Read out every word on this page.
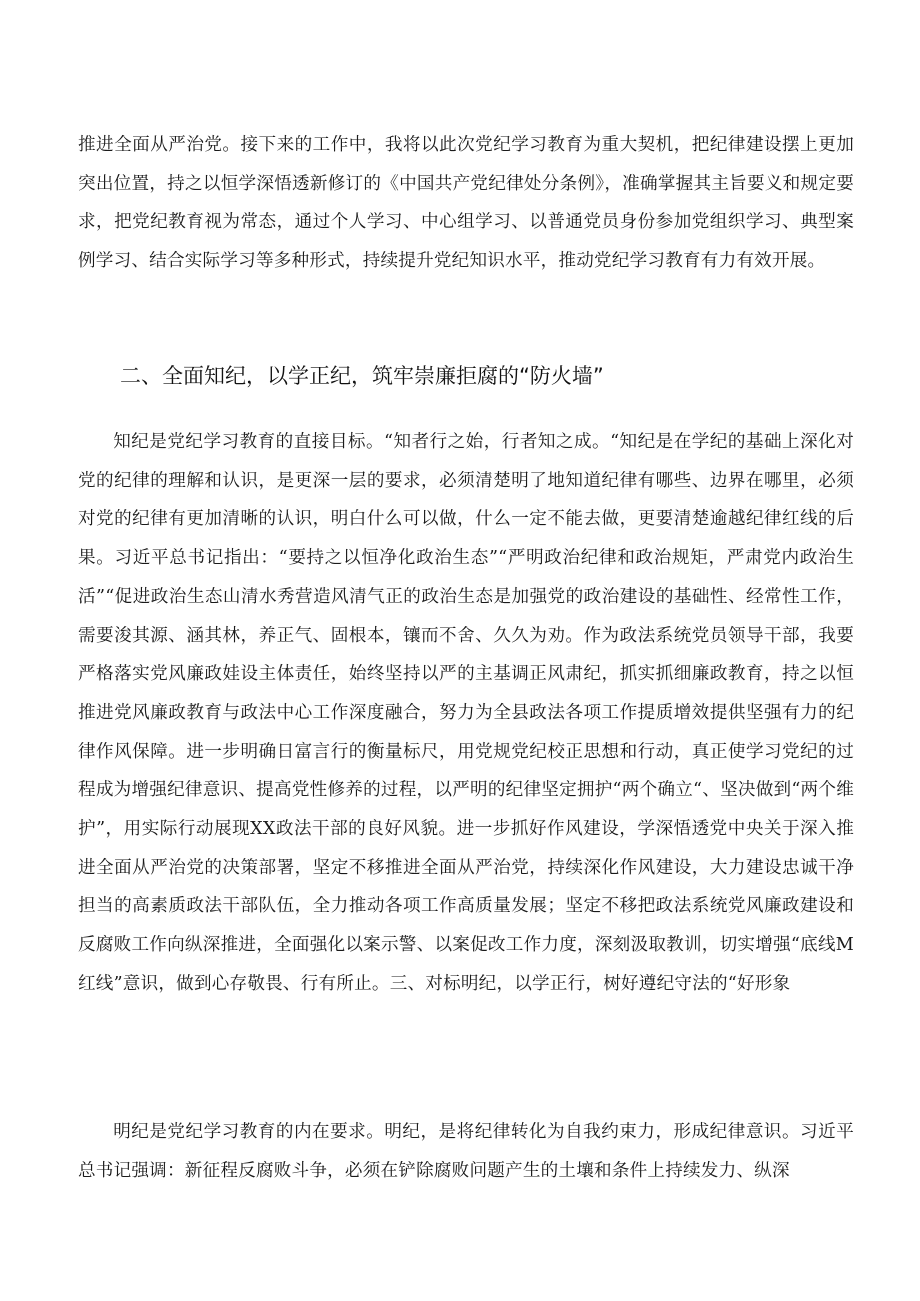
推进全面从严治党。接下来的工作中，我将以此次党纪学习教育为重大契机，把纪律建设摆上更加突出位置，持之以恒学深悟透新修订的《中国共产党纪律处分条例》，准确掌握其主旨要义和规定要求，把党纪教育视为常态，通过个人学习、中心组学习、以普通党员身份参加党组织学习、典型案例学习、结合实际学习等多种形式，持续提升党纪知识水平，推动党纪学习教育有力有效开展。

二、全面知纪，以学正纪，筑牢崇廉拒腐的“防火墙”

知纪是党纪学习教育的直接目标。“知者行之始，行者知之成。“知纪是在学纪的基础上深化对党的纪律的理解和认识，是更深一层的要求，必须清楚明了地知道纪律有哪些、边界在哪里，必须对党的纪律有更加清晰的认识，明白什么可以做，什么一定不能去做，更要清楚逾越纪律红线的后果。习近平总书记指出：“要持之以恒净化政治生态”“严明政治纪律和政治规矩，严肃党内政治生活”“促进政治生态山清水秀营造风清气正的政治生态是加强党的政治建设的基础性、经常性工作，需要浚其源、涵其林，养正气、固根本，镶而不舍、久久为劝。作为政法系统党员领导干部，我要严格落实党风廉政娃设主体责任，始终坚持以严的主基调正风肃纪，抓实抓细廉政教育，持之以恒推进党风廉政教育与政法中心工作深度融合，努力为全县政法各项工作提质增效提供坚强有力的纪律作风保障。进一步明确日富言行的衡量标尺，用党规党纪校正思想和行动，真正使学习党纪的过程成为增强纪律意识、提高党性修养的过程，以严明的纪律坚定拥护“两个确立“、坚决做到“两个维护”，用实际行动展现XX政法干部的良好风貌。进一步抓好作风建设，学深悟透党中央关于深入推进全面从严治党的决策部署，坚定不移推进全面从严治党，持续深化作风建设，大力建设忠诚干净担当的高素质政法干部队伍，全力推动各项工作高质量发展；坚定不移把政法系统党风廉政建设和反腐败工作向纵深推进，全面强化以案示警、以案促改工作力度，深刻汲取教训，切实增强“底线M红线”意识，做到心存敬畏、行有所止。三、对标明纪，以学正行，树好遵纪守法的“好形象

明纪是党纪学习教育的内在要求。明纪，是将纪律转化为自我约束力，形成纪律意识。习近平总书记强调：新征程反腐败斗争，必须在铲除腐败问题产生的土壤和条件上持续发力、纵深
